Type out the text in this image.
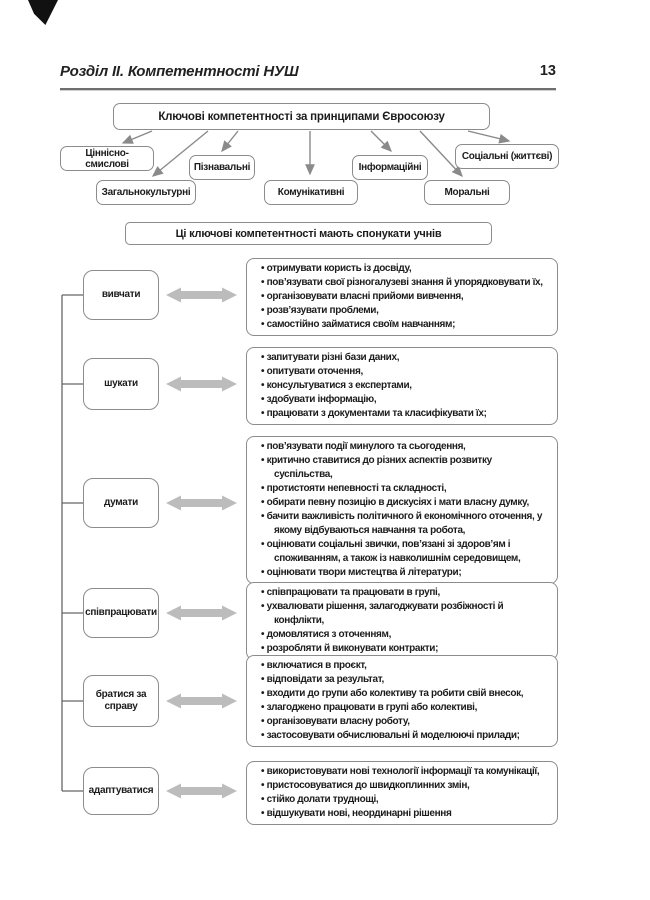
Розділ ІІ. Компетентності НУШ	13
Ключові компетентності за принципами Євросоюзу
Ціннісно-смислові	Пізнавальні	Інформаційні
Соціальні (життєві)
Загальнокультурні	Комунікативні	Моральні
Ці ключові компетентності мають спонукати учнів
вивчати
шукати
думати
співпрацювати
братися за справу
адаптуватися
• отримувати користь із досвіду,
• пов’язувати свої різногалузеві знання й упорядковувати їх,
• організовувати власні прийоми вивчення,
• розв’язувати проблеми,
• самостійно займатися своїм навчанням;
• запитувати різні бази даних,
• опитувати оточення,
• консультуватися з експертами,
• здобувати інформацію,
• працювати з документами та класифікувати їх;
• пов’язувати події минулого та сьогодення,
• критично ставитися до різних аспектів розвитку суспільства,
• протистояти непевності та складності,
• обирати певну позицію в дискусіях і мати власну думку,
• бачити важливість політичного й економічного оточення, у якому відбуваються навчання та робота,
• оцінювати соціальні звички, пов’язані зі здоров’ям і споживанням, а також із навколишнім середовищем,
• оцінювати твори мистецтва й літератури;
• співпрацювати та працювати в групі,
• ухвалювати рішення, залагоджувати розбіжності й конфлікти,
• домовлятися з оточенням,
• розробляти й виконувати контракти;
• включатися в проєкт,
• відповідати за результат,
• входити до групи або колективу та робити свій внесок,
• злагоджено працювати в групі або колективі,
• організовувати власну роботу,
• застосовувати обчислювальні й моделюючі прилади;
• використовувати нові технології інформації та комунікації,
• пристосовуватися до швидкоплинних змін,
• стійко долати труднощі,
• відшукувати нові, неординарні рішення
